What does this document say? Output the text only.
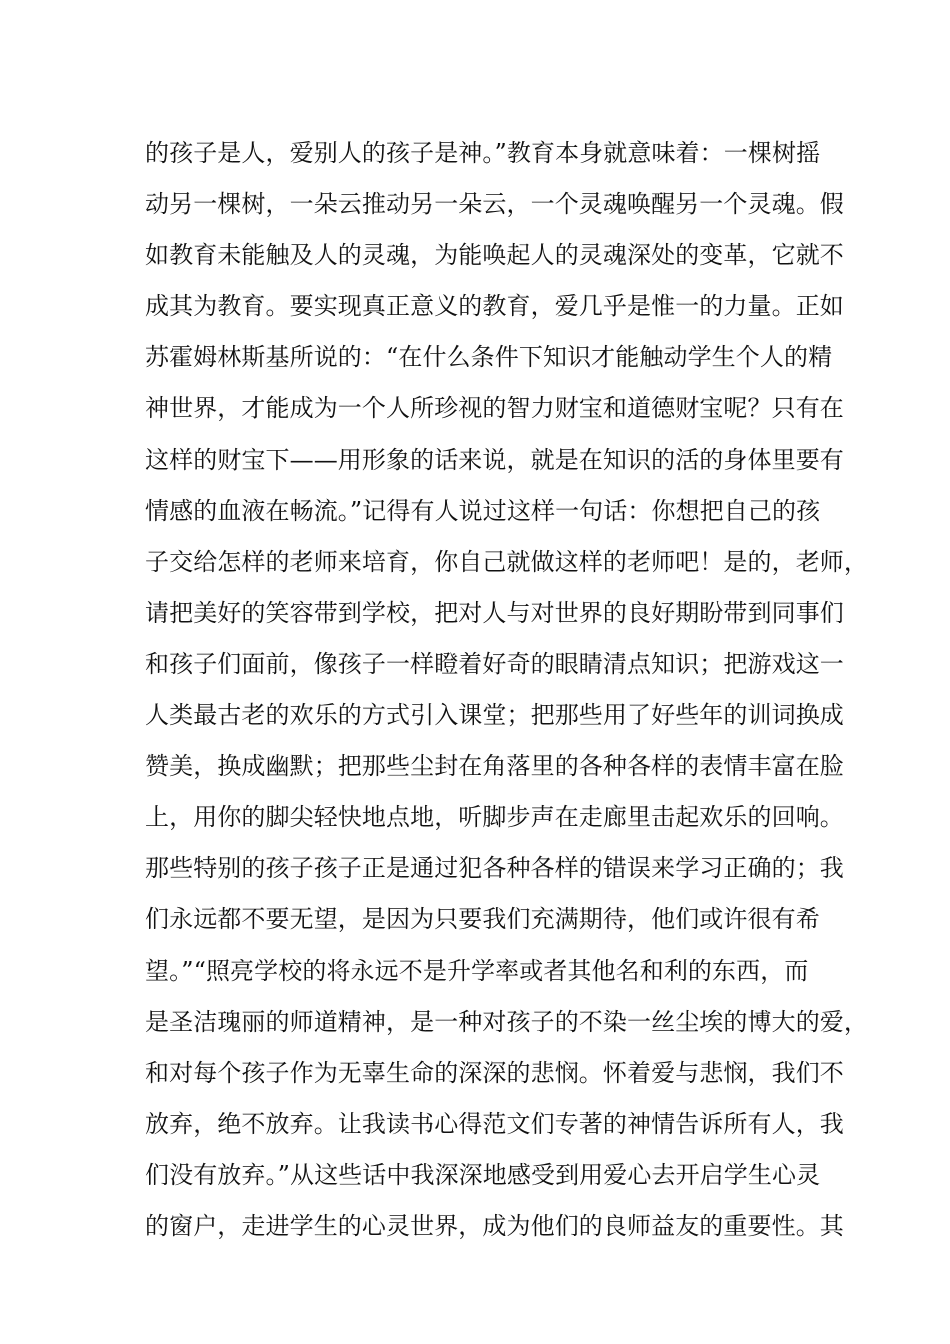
的孩子是人，爱别人的孩子是神。”教育本身就意味着：一棵树摇
动另一棵树，一朵云推动另一朵云，一个灵魂唤醒另一个灵魂。假
如教育未能触及人的灵魂，为能唤起人的灵魂深处的变革，它就不
成其为教育。要实现真正意义的教育，爱几乎是惟一的力量。正如
苏霍姆林斯基所说的：“在什么条件下知识才能触动学生个人的精
神世界，才能成为一个人所珍视的智力财宝和道德财宝呢？只有在
这样的财宝下——用形象的话来说，就是在知识的活的身体里要有
情感的血液在畅流。”记得有人说过这样一句话：你想把自己的孩
子交给怎样的老师来培育，你自己就做这样的老师吧！是的，老师，
请把美好的笑容带到学校，把对人与对世界的良好期盼带到同事们
和孩子们面前，像孩子一样瞪着好奇的眼睛清点知识；把游戏这一
人类最古老的欢乐的方式引入课堂；把那些用了好些年的训词换成
赞美，换成幽默；把那些尘封在角落里的各种各样的表情丰富在脸
上，用你的脚尖轻快地点地，听脚步声在走廊里击起欢乐的回响。
那些特别的孩子孩子正是通过犯各种各样的错误来学习正确的；我
们永远都不要无望，是因为只要我们充满期待，他们或许很有希
望。”“照亮学校的将永远不是升学率或者其他名和利的东西，而
是圣洁瑰丽的师道精神，是一种对孩子的不染一丝尘埃的博大的爱，
和对每个孩子作为无辜生命的深深的悲悯。怀着爱与悲悯，我们不
放弃，绝不放弃。让我读书心得范文们专著的神情告诉所有人，我
们没有放弃。”从这些话中我深深地感受到用爱心去开启学生心灵
的窗户，走进学生的心灵世界，成为他们的良师益友的重要性。其
